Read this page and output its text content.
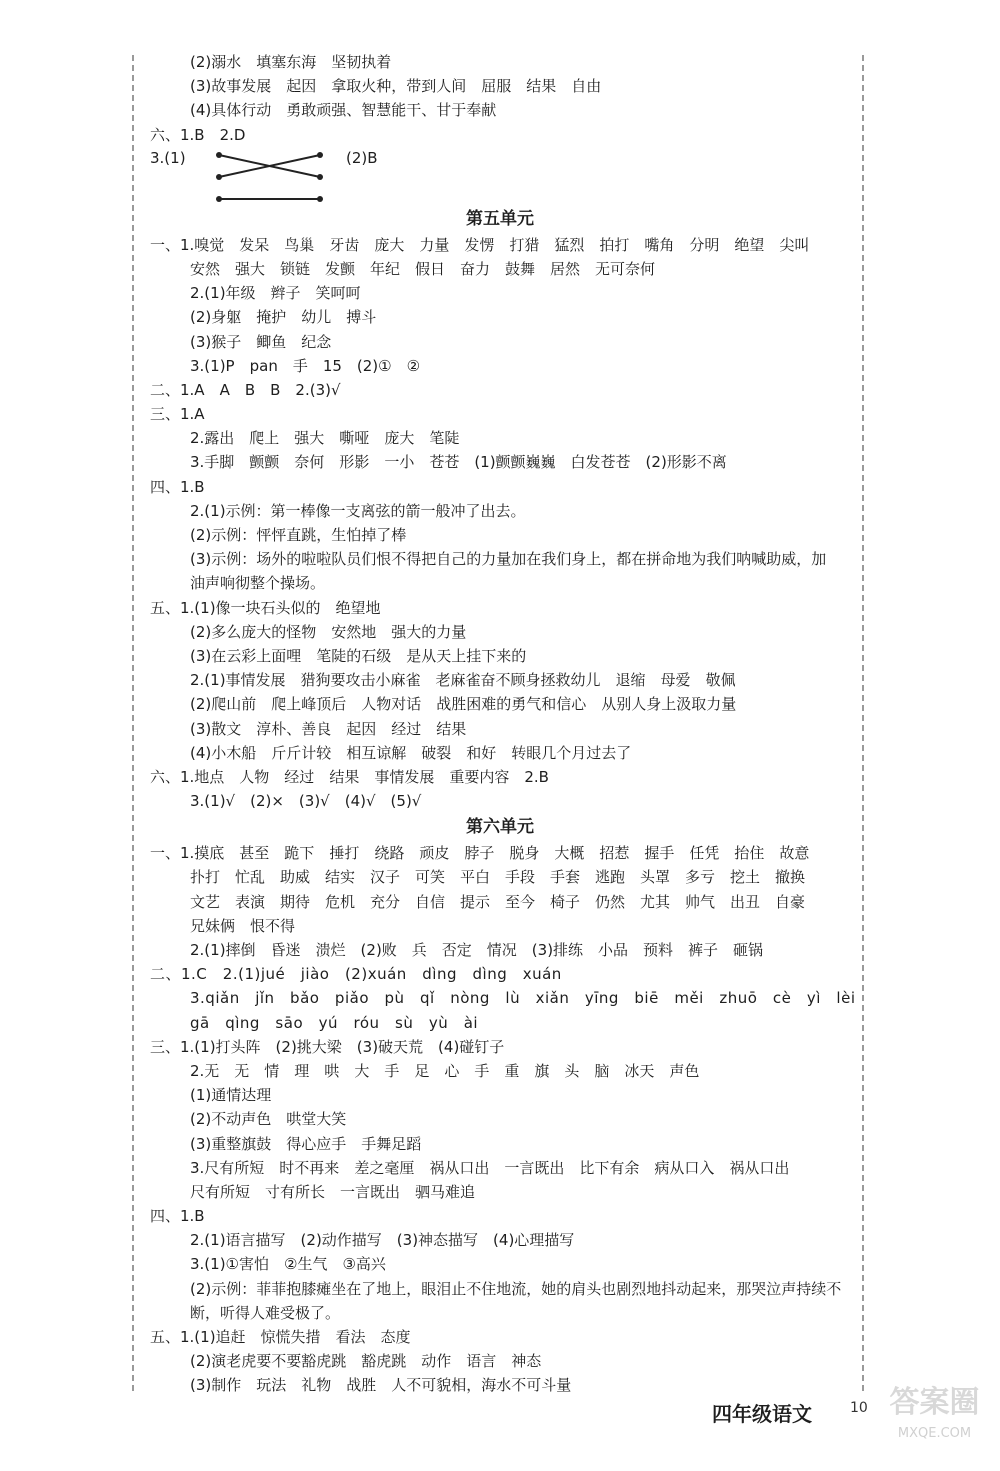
(2)溺水　填塞东海　坚韧执着
(3)故事发展　起因　拿取火种，带到人间　屈服　结果　自由
(4)具体行动　勇敢顽强、智慧能干、甘于奉献
六、1.B　2.D
3.(1)	(2)B
第五单元
一、1.嗅觉　发呆　鸟巢　牙齿　庞大　力量　发愣　打猎　猛烈　拍打　嘴角　分明　绝望　尖叫
安然　强大　锁链　发颤　年纪　假日　奋力　鼓舞　居然　无可奈何
2.(1)年级　辫子　笑呵呵
(2)身躯　掩护　幼儿　搏斗
(3)猴子　鲫鱼　纪念
3.(1)P　pan　手　15　(2)①　②
二、1.A　A　B　B　2.(3)√
三、1.A
2.露出　爬上　强大　嘶哑　庞大　笔陡
3.手脚　颤颤　奈何　形影　一小　苍苍　(1)颤颤巍巍　白发苍苍　(2)形影不离
四、1.B
2.(1)示例：第一棒像一支离弦的箭一般冲了出去。
(2)示例：怦怦直跳，生怕掉了棒
(3)示例：场外的啦啦队员们恨不得把自己的力量加在我们身上，都在拼命地为我们呐喊助威，加
油声响彻整个操场。
五、1.(1)像一块石头似的　绝望地
(2)多么庞大的怪物　安然地　强大的力量
(3)在云彩上面哩　笔陡的石级　是从天上挂下来的
2.(1)事情发展　猎狗要攻击小麻雀　老麻雀奋不顾身拯救幼儿　退缩　母爱　敬佩
(2)爬山前　爬上峰顶后　人物对话　战胜困难的勇气和信心　从别人身上汲取力量
(3)散文　淳朴、善良　起因　经过　结果
(4)小木船　斤斤计较　相互谅解　破裂　和好　转眼几个月过去了
六、1.地点　人物　经过　结果　事情发展　重要内容　2.B
3.(1)√　(2)×　(3)√　(4)√　(5)√
第六单元
一、1.摸底　甚至　跪下　捶打　绕路　顽皮　脖子　脱身　大概　招惹　握手　任凭　抬住　故意
扑打　忙乱　助威　结实　汉子　可笑　平白　手段　手套　逃跑　头罩　多亏　挖土　撤换
文艺　表演　期待　危机　充分　自信　提示　至今　椅子　仍然　尤其　帅气　出丑　自豪
兄妹俩　恨不得
2.(1)摔倒　昏迷　溃烂　(2)败　兵　否定　情况　(3)排练　小品　预料　裤子　砸锅
二、1.C　2.(1)jué　jiào　(2)xuán　dìng　dìng　xuán
3.qiǎn　jǐn　bǎo　piǎo　pù　qǐ　nòng　lù　xiǎn　yīng　biē　měi　zhuō　cè　yì　lèi
gā　qìng　sāo　yú　róu　sù　yù　ài
三、1.(1)打头阵　(2)挑大梁　(3)破天荒　(4)碰钉子
2.无　无　情　理　哄　大　手　足　心　手　重　旗　头　脑　冰天　声色
(1)通情达理
(2)不动声色　哄堂大笑
(3)重整旗鼓　得心应手　手舞足蹈
3.尺有所短　时不再来　差之毫厘　祸从口出　一言既出　比下有余　病从口入　祸从口出
尺有所短　寸有所长　一言既出　驷马难追
四、1.B
2.(1)语言描写　(2)动作描写　(3)神态描写　(4)心理描写
3.(1)①害怕　②生气　③高兴
(2)示例：菲菲抱膝瘫坐在了地上，眼泪止不住地流，她的肩头也剧烈地抖动起来，那哭泣声持续不
断，听得人难受极了。
五、1.(1)追赶　惊慌失措　看法　态度
(2)演老虎要不要豁虎跳　豁虎跳　动作　语言　神态
(3)制作　玩法　礼物　战胜　人不可貌相，海水不可斗量
四年级语文	10 答案圈
MXQE.COM
